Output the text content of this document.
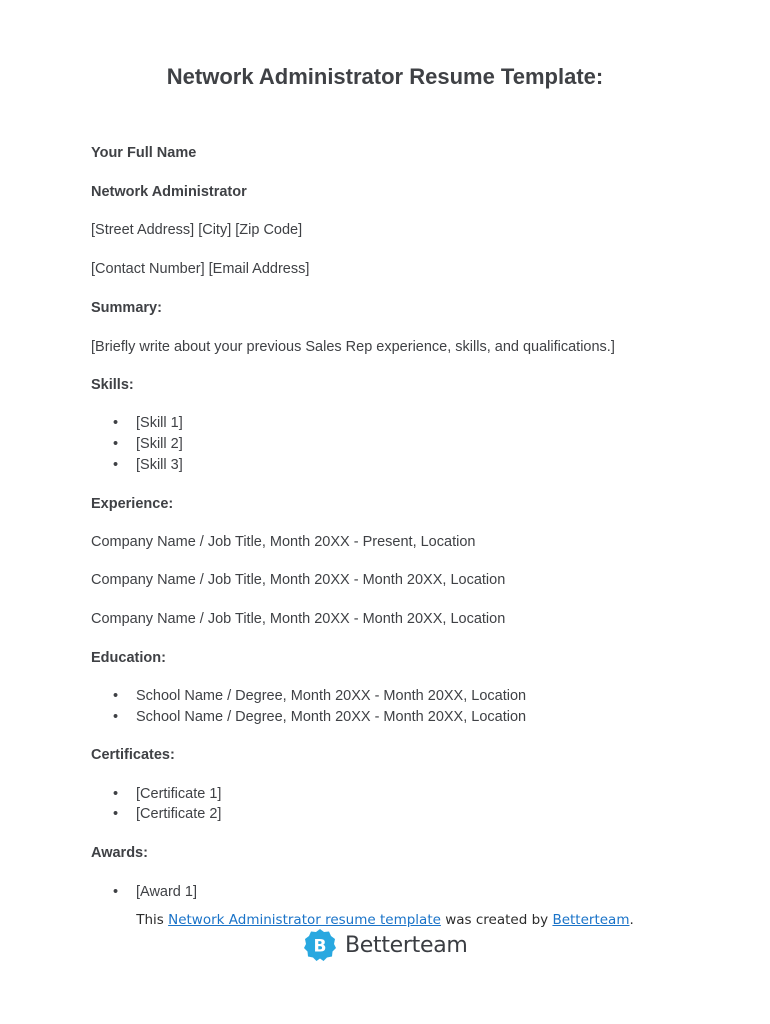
Network Administrator Resume Template:
Your Full Name
Network Administrator
[Street Address] [City] [Zip Code]
[Contact Number] [Email Address]
Summary:
[Briefly write about your previous Sales Rep experience, skills, and qualifications.]
Skills:
• [Skill 1]
• [Skill 2]
• [Skill 3]
Experience:
Company Name / Job Title, Month 20XX - Present, Location
Company Name / Job Title, Month 20XX - Month 20XX, Location
Company Name / Job Title, Month 20XX - Month 20XX, Location
Education:
• School Name / Degree, Month 20XX - Month 20XX, Location
• School Name / Degree, Month 20XX - Month 20XX, Location
Certificates:
• [Certificate 1]
• [Certificate 2]
Awards:
• [Award 1]
This Network Administrator resume template was created by Betterteam.
B Betterteam
